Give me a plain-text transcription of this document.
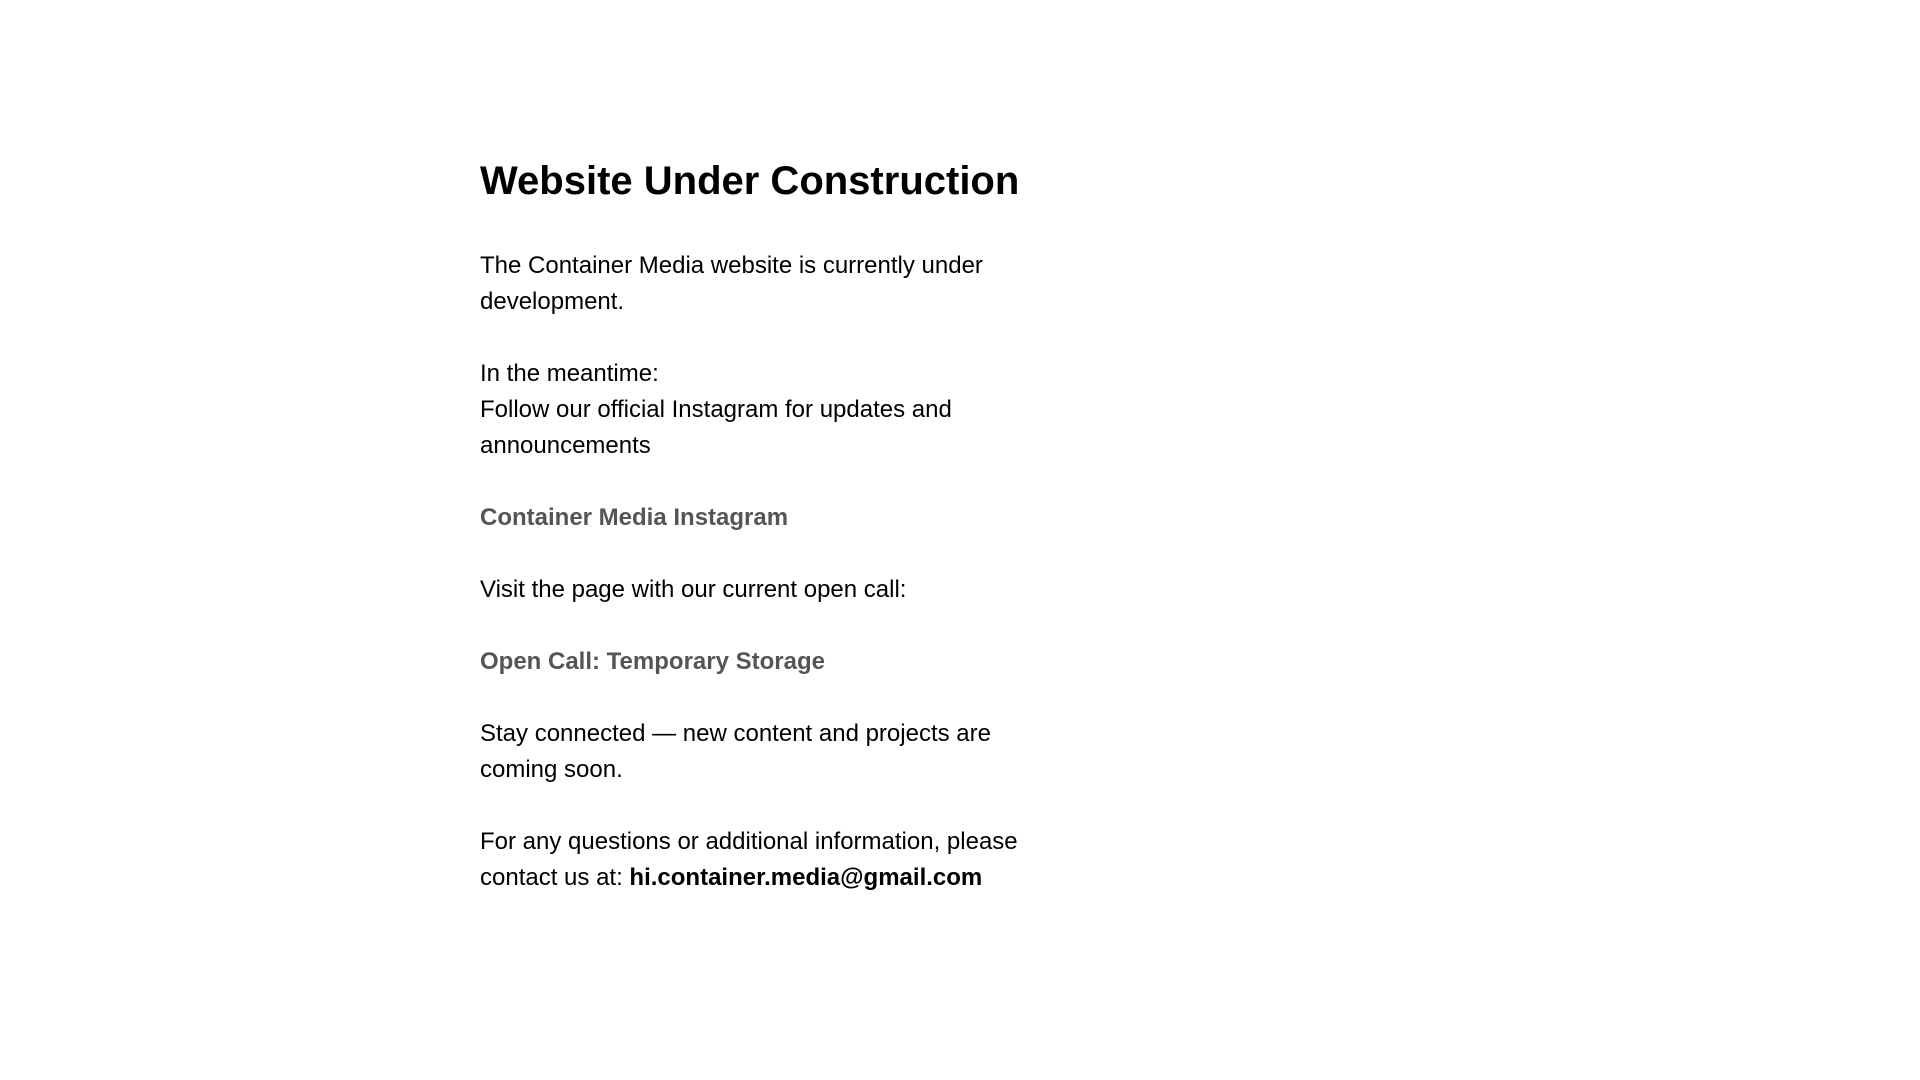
Website Under Construction

The Container Media website is currently under development.

In the meantime:
Follow our official Instagram for updates and announcements

Container Media Instagram

Visit the page with our current open call:

Open Call: Temporary Storage

Stay connected — new content and projects are coming soon.

For any questions or additional information, please contact us at: hi.container.media@gmail.com
